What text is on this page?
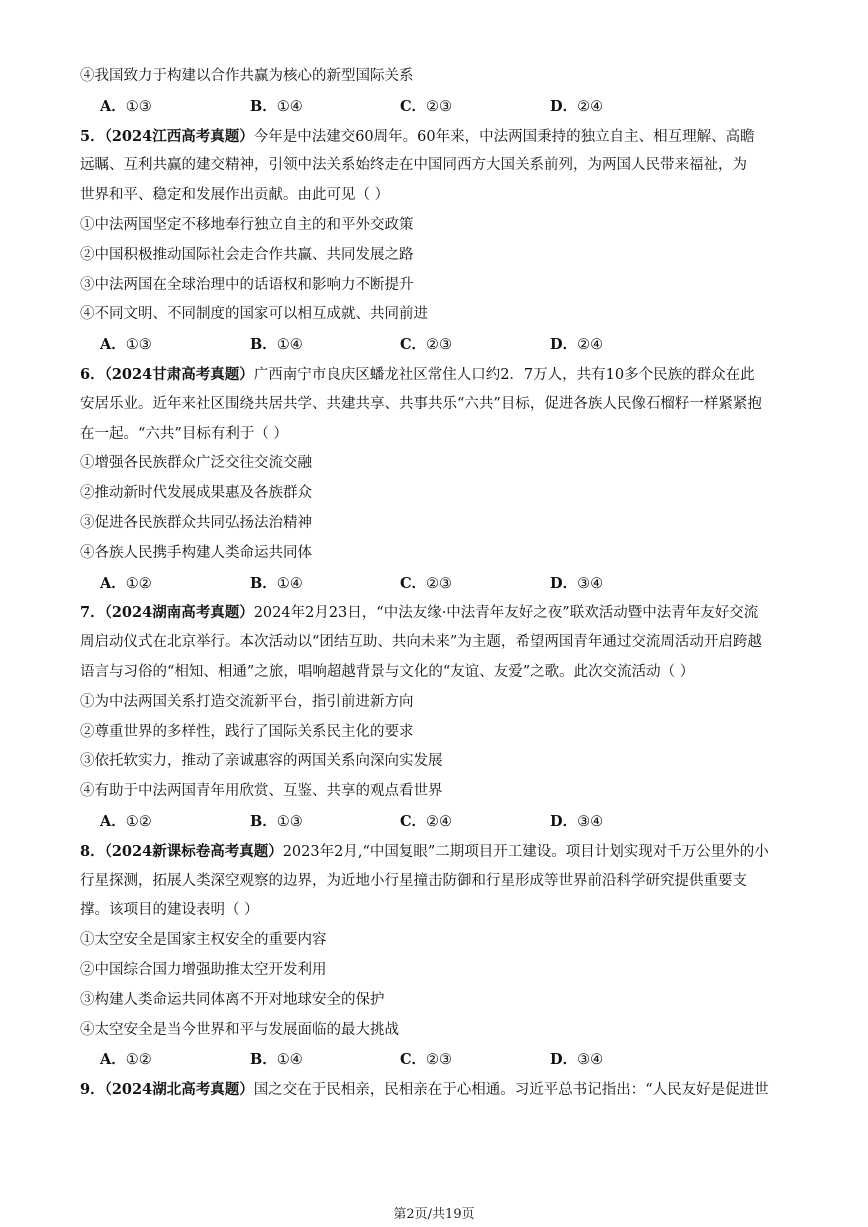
④我国致力于构建以合作共赢为核心的新型国际关系
A．①③	B．①④	C．②③	D．②④
5．（2024江西高考真题）今年是中法建交60周年。60年来，中法两国秉持的独立自主、相互理解、高瞻
远瞩、互利共赢的建交精神，引领中法关系始终走在中国同西方大国关系前列，为两国人民带来福祉，为
世界和平、稳定和发展作出贡献。由此可见（ ）
①中法两国坚定不移地奉行独立自主的和平外交政策
②中国积极推动国际社会走合作共赢、共同发展之路
③中法两国在全球治理中的话语权和影响力不断提升
④不同文明、不同制度的国家可以相互成就、共同前进
A．①③	B．①④	C．②③	D．②④
6．（2024甘肃高考真题）广西南宁市良庆区蟠龙社区常住人口约2．7万人，共有10多个民族的群众在此
安居乐业。近年来社区围绕共居共学、共建共享、共事共乐“六共”目标，促进各族人民像石榴籽一样紧紧抱
在一起。“六共”目标有利于（ ）
①增强各民族群众广泛交往交流交融
②推动新时代发展成果惠及各族群众
③促进各民族群众共同弘扬法治精神
④各族人民携手构建人类命运共同体
A．①②	B．①④	C．②③	D．③④
7．（2024湖南高考真题）2024年2月23日，“中法友缘·中法青年友好之夜”联欢活动暨中法青年友好交流
周启动仪式在北京举行。本次活动以“团结互助、共向未来”为主题，希望两国青年通过交流周活动开启跨越
语言与习俗的“相知、相通”之旅，唱响超越背景与文化的“友谊、友爱”之歌。此次交流活动（ ）
①为中法两国关系打造交流新平台，指引前进新方向
②尊重世界的多样性，践行了国际关系民主化的要求
③依托软实力，推动了亲诚惠容的两国关系向深向实发展
④有助于中法两国青年用欣赏、互鉴、共享的观点看世界
A．①②	B．①③	C．②④	D．③④
8．（2024新课标卷高考真题）2023年2月,“中国复眼”二期项目开工建设。项目计划实现对千万公里外的小
行星探测，拓展人类深空观察的边界，为近地小行星撞击防御和行星形成等世界前沿科学研究提供重要支
撑。该项目的建设表明（ ）
①太空安全是国家主权安全的重要内容
②中国综合国力增强助推太空开发利用
③构建人类命运共同体离不开对地球安全的保护
④太空安全是当今世界和平与发展面临的最大挑战
A．①②	B．①④	C．②③	D．③④
9．（2024湖北高考真题）国之交在于民相亲，民相亲在于心相通。习近平总书记指出：“人民友好是促进世
第2页/共19页
